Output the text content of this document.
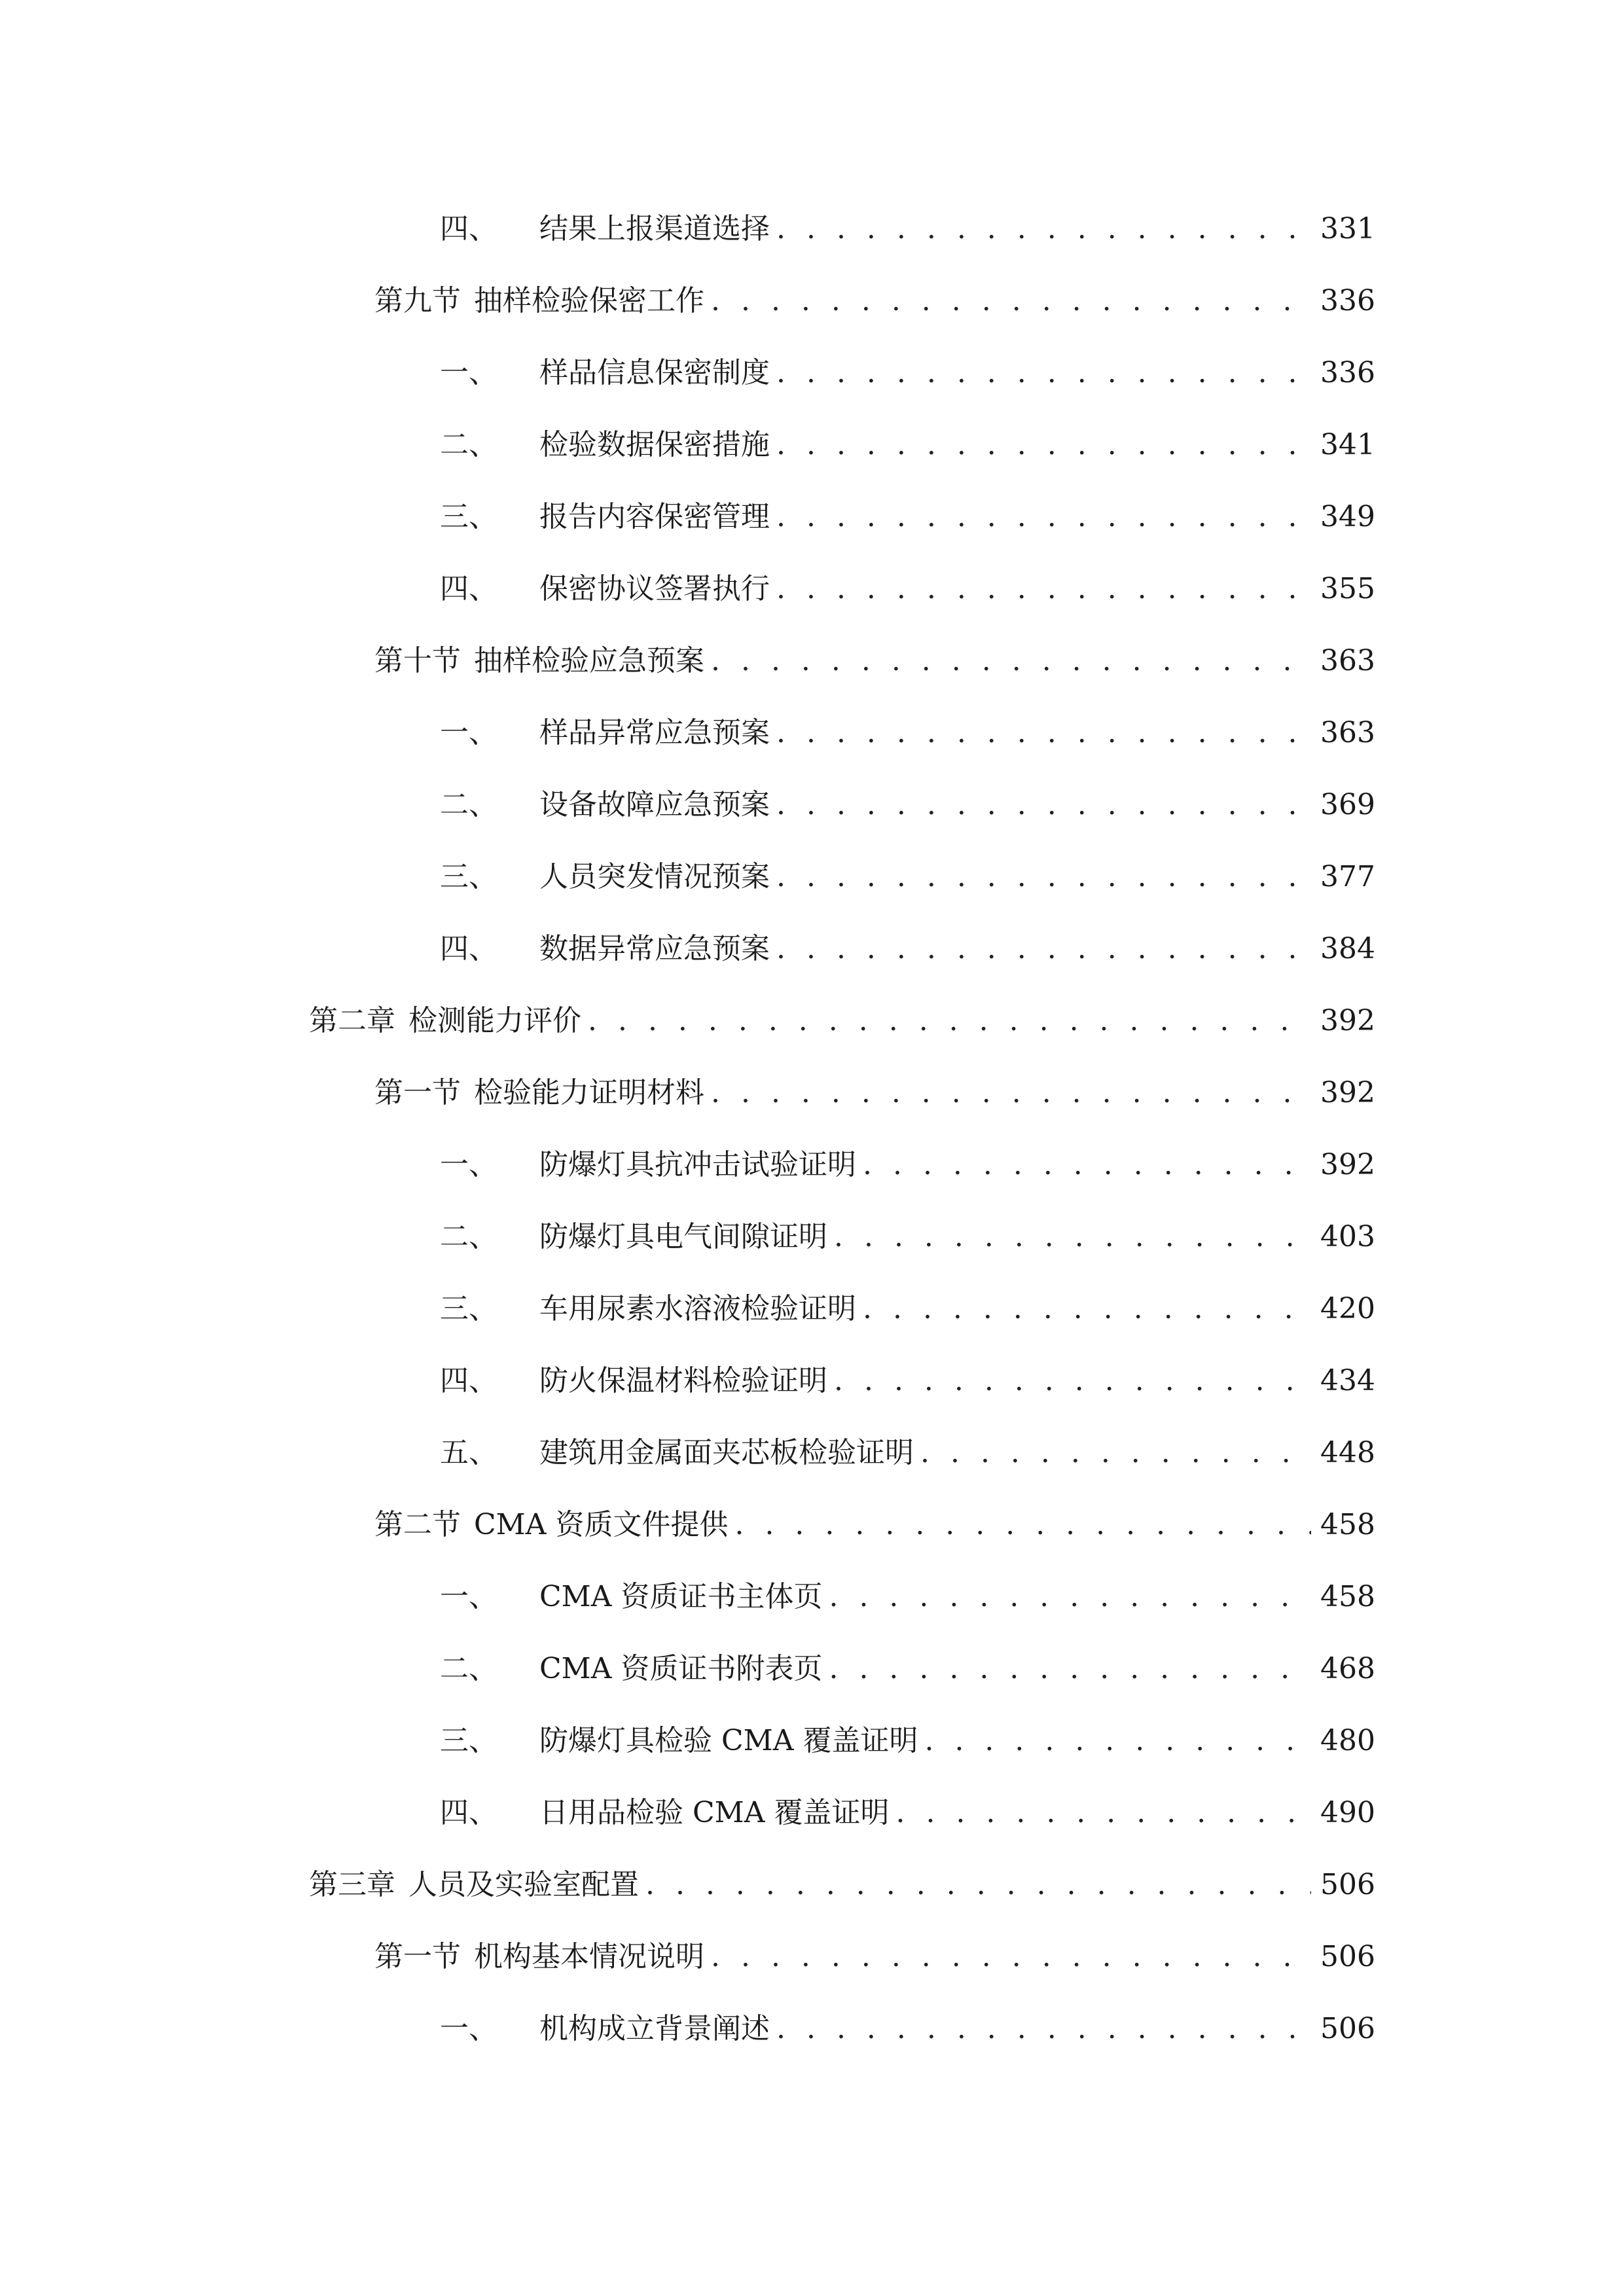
四、	结果上报渠道选择 . . .	331
第九节 抽样检验保密工作 . . .	336
一、	样品信息保密制度 . . .	336
二、	检验数据保密措施 . . .	341
三、	报告内容保密管理 . . .	349
四、	保密协议签署执行 . . .	355
第十节 抽样检验应急预案 . . .	363
一、	样品异常应急预案 . . .	363
二、	设备故障应急预案 . . .	369
三、	人员突发情况预案 . . .	377
四、	数据异常应急预案 . . .	384
第二章 检测能力评价 . . .	392
第一节 检验能力证明材料 . . .	392
一、	防爆灯具抗冲击试验证明 . . .	392
二、	防爆灯具电气间隙证明 . . .	403
三、	车用尿素水溶液检验证明 . . .	420
四、	防火保温材料检验证明 . . .	434
五、	建筑用金属面夹芯板检验证明 . . .	448
第二节 CMA 资质文件提供 . . .	458
一、	CMA 资质证书主体页 . . .	458
二、	CMA 资质证书附表页 . . .	468
三、	防爆灯具检验 CMA 覆盖证明 . . .	480
四、	日用品检验 CMA 覆盖证明 . . .	490
第三章 人员及实验室配置 . . .	506
第一节 机构基本情况说明 . . .	506
一、	机构成立背景阐述 . . .	506
